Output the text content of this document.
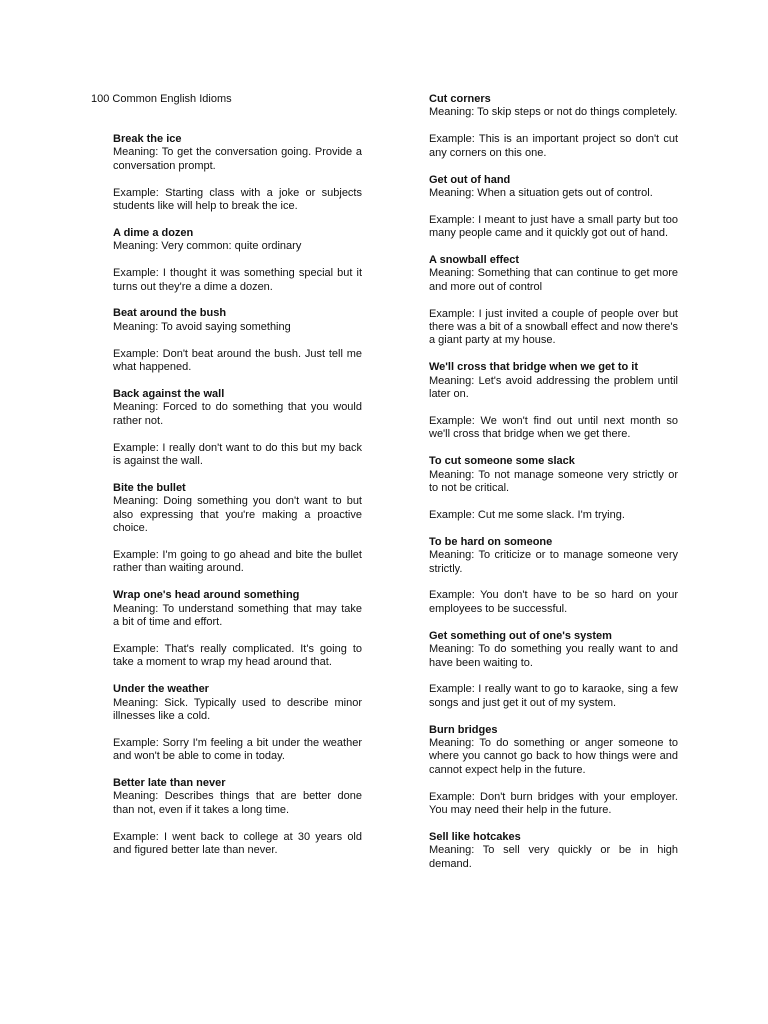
100 Common English Idioms
Break the ice
Meaning: To get the conversation going. Provide a conversation prompt.
Example: Starting class with a joke or subjects students like will help to break the ice.
A dime a dozen
Meaning: Very common: quite ordinary
Example: I thought it was something special but it turns out they're a dime a dozen.
Beat around the bush
Meaning: To avoid saying something
Example: Don't beat around the bush. Just tell me what happened.
Back against the wall
Meaning: Forced to do something that you would rather not.
Example: I really don't want to do this but my back is against the wall.
Bite the bullet
Meaning: Doing something you don't want to but also expressing that you're making a proactive choice.
Example: I'm going to go ahead and bite the bullet rather than waiting around.
Wrap one's head around something
Meaning: To understand something that may take a bit of time and effort.
Example: That's really complicated. It's going to take a moment to wrap my head around that.
Under the weather
Meaning: Sick. Typically used to describe minor illnesses like a cold.
Example: Sorry I'm feeling a bit under the weather and won't be able to come in today.
Better late than never
Meaning: Describes things that are better done than not, even if it takes a long time.
Example: I went back to college at 30 years old and figured better late than never.
Cut corners
Meaning: To skip steps or not do things completely.
Example: This is an important project so don't cut any corners on this one.
Get out of hand
Meaning: When a situation gets out of control.
Example: I meant to just have a small party but too many people came and it quickly got out of hand.
A snowball effect
Meaning: Something that can continue to get more and more out of control
Example: I just invited a couple of people over but there was a bit of a snowball effect and now there's a giant party at my house.
We'll cross that bridge when we get to it
Meaning: Let's avoid addressing the problem until later on.
Example: We won't find out until next month so we'll cross that bridge when we get there.
To cut someone some slack
Meaning: To not manage someone very strictly or to not be critical.
Example: Cut me some slack. I'm trying.
To be hard on someone
Meaning: To criticize or to manage someone very strictly.
Example: You don't have to be so hard on your employees to be successful.
Get something out of one's system
Meaning: To do something you really want to and have been waiting to.
Example: I really want to go to karaoke, sing a few songs and just get it out of my system.
Burn bridges
Meaning: To do something or anger someone to where you cannot go back to how things were and cannot expect help in the future.
Example: Don't burn bridges with your employer. You may need their help in the future.
Sell like hotcakes
Meaning: To sell very quickly or be in high demand.
